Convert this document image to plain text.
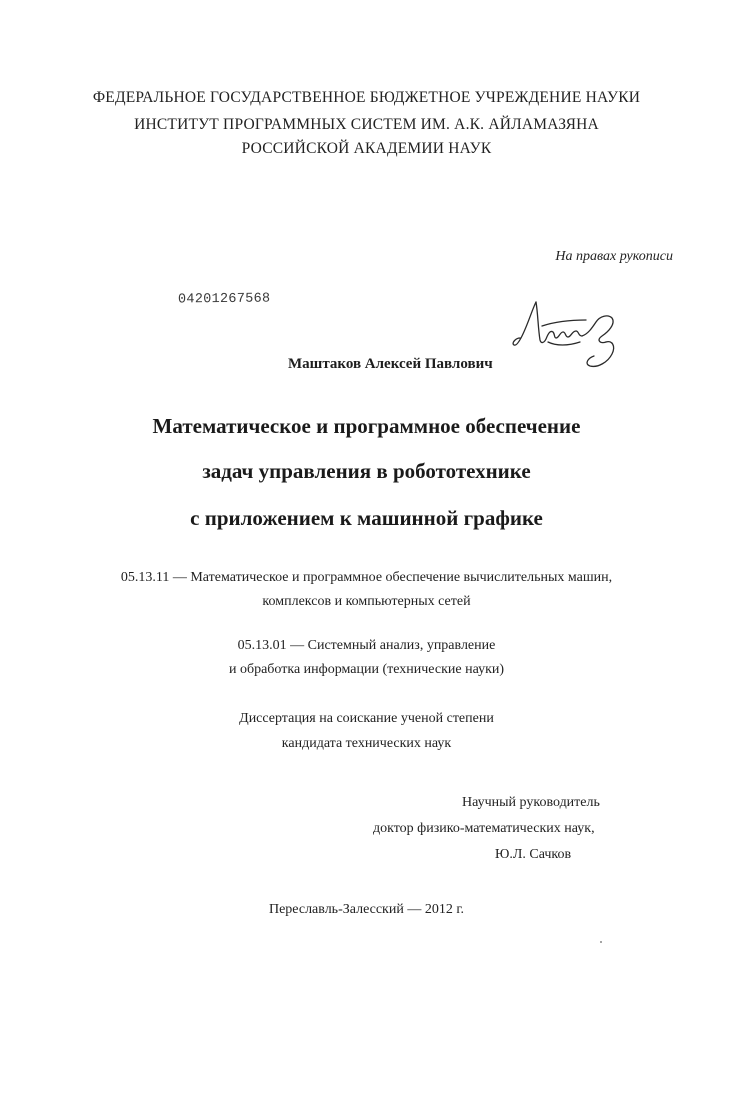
ФЕДЕРАЛЬНОЕ ГОСУДАРСТВЕННОЕ БЮДЖЕТНОЕ УЧРЕЖДЕНИЕ НАУКИ
ИНСТИТУТ ПРОГРАММНЫХ СИСТЕМ ИМ. А.К. АЙЛАМАЗЯНА
РОССИЙСКОЙ АКАДЕМИИ НАУК
На правах рукописи
04201267568
Маштаков Алексей Павлович
Математическое и программное обеспечение
задач управления в робототехнике
с приложением к машинной графике
05.13.11 — Математическое и программное обеспечение вычислительных машин,
комплексов и компьютерных сетей
05.13.01 — Системный анализ, управление
и обработка информации (технические науки)
Диссертация на соискание ученой степени
кандидата технических наук
Научный руководитель
доктор физико-математических наук,
Ю.Л. Сачков
Переславль-Залесский — 2012 г.
